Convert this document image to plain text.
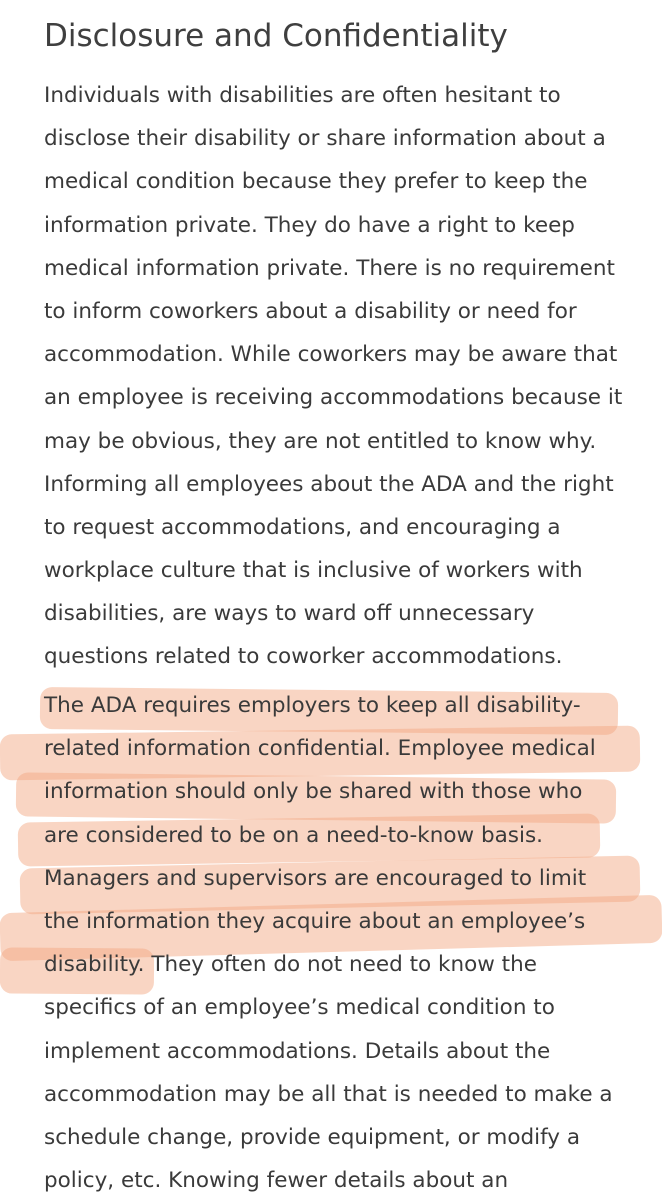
Disclosure and Confidentiality

Individuals with disabilities are often hesitant to
disclose their disability or share information about a
medical condition because they prefer to keep the
information private. They do have a right to keep
medical information private. There is no requirement
to inform coworkers about a disability or need for
accommodation. While coworkers may be aware that
an employee is receiving accommodations because it
may be obvious, they are not entitled to know why.
Informing all employees about the ADA and the right
to request accommodations, and encouraging a
workplace culture that is inclusive of workers with
disabilities, are ways to ward off unnecessary
questions related to coworker accommodations.

The ADA requires employers to keep all disability-
related information confidential. Employee medical
information should only be shared with those who
are considered to be on a need-to-know basis.
Managers and supervisors are encouraged to limit
the information they acquire about an employee’s
disability. They often do not need to know the
specifics of an employee’s medical condition to
implement accommodations. Details about the
accommodation may be all that is needed to make a
schedule change, provide equipment, or modify a
policy, etc. Knowing fewer details about an
